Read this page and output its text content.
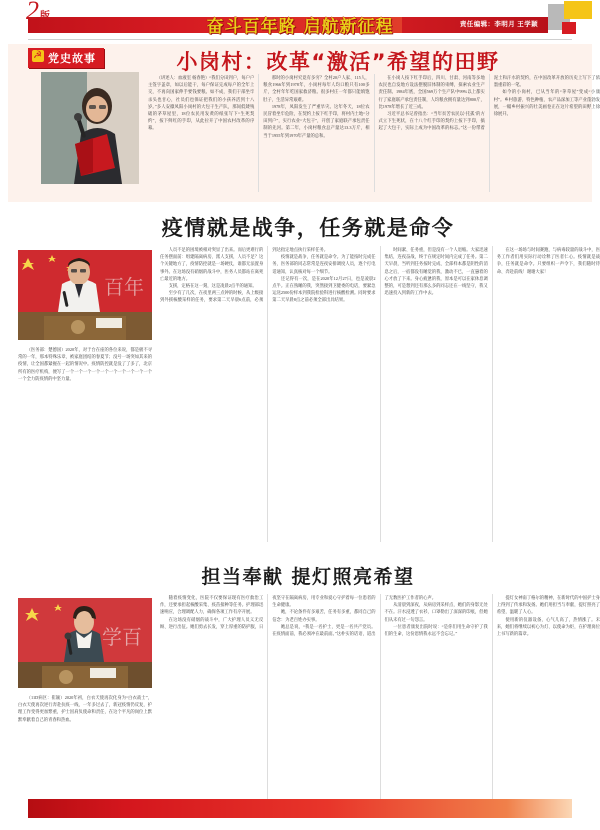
奋斗百年路 启航新征程	责任编辑：李明月 王学颖
☭ 党史故事	小岗村：改革“激活”希望的田野

（讲述人：血液室 杨春艳）“我们分田到户，每户户主签字盖章，如以后能干，每户保证完成每户的全年上交，不再向国家伸手要钱要粮。如不成，我们干部坐牢杀头也甘心，社员们也保证把我们的小孩养活到十八岁。”多人安徽凤阳小岗村的大包干生产队，那间低矮残破的茅草屋里，18位农民用发黄的纸张写下“生死契约”，按下鲜红的手印，从此拉开了中国农村改革的序幕。

那时的小岗村究竟有多穷？全村20户人家、115人，粮食1966年到1978年，小岗村每年人均口粮只有100多斤，全村年年吃国家救济粮。很多村庄一年都只能填饱肚子，生活异常艰难。

1978年，凤阳发生了严重旱灾。这年冬天，18位农民冒着坐牢危险，在契约上按下红手印，将村内土地“分田到户”，实行农业“大包干”，开创了家庭联产承包责任制的先河。第二年，小岗村粮食总产量达13.3万斤，相当于1955年到1970年产量的总和。

在小岗人按下红手印后，四川、甘肃、河南等多地农民也自发地方设法摆脱旧体制的束缚，探索农业生产责任制。1984年底，全国569万个生产队中99%以上都实行了家庭联产承包责任制，人均粮食拥有量达到800斤，比1978年增长了近三成。

习近平总书记曾指出：“当年贫苦农民以‘托孤’的方式立下生死状，在十八个红手印的契约上按下手印，搞起了大包干，实际上成为中国改革的标志。”这一份带着泥土和汗水的契约，在中国改革开放的历史上写下了浓墨重彩的一笔。

如今的小岗村，已从当年的“茅草屋”变成“小康村”。乡村旅游、特色种植、农产品深加工等产业蓬勃发展，一幅乡村振兴的壮美画卷正在这片希望的田野上徐徐展开。

疫情就是战争，任务就是命令
百年

（医务部：楚德国）2020年，对于台在座的各位来说，都是极不寻常的一年，那本特殊乐章，被家庭团结的春夏节；没号一场突如其来的疫情，让全国都紧握在一起的情况中。疫情防控就是没了了多了，北京所有的医疗机构，便写了一个一个一个一个一个一个一个一个一个一个一个全力防疫情的中坚力量。

人员不足的困境被相对突显了出来。而后更难行的任务摆面前：组建隔离病房、派人支援，人员不足？这个关键地方了，疫情防控就是一场硬仗，谁都无法置身事外。在这场没有硝烟的战斗中，医务人员都站在离死亡最近的地方。

支援，定格在这一刻，这是凌晨2点半的通知。

至少有了几次，在夜里两三点钟的时候，从上级接到外援核酸采样的任务，要求第二天早晨6点前，必须到达指定地点执行采样任务。

疫情就是战争，任务就是命令。为了能按时完成任务，医务部的同志常常是连夜安排调度人员，逐个打电话通知，认真核对每一个细节。

还记得有一次，是在2020年12月27日，也是凌晨2点半。正在熟睡的我，突然接到卫健委的电话，要紧急运送2500份样本到我院检验科进行核酸检测。同时要求第二天早晨8点之前必须全部出具结果。

时间紧、任务重，但是没有一个人退缩。大家迅速集结，连夜奋战，终于在规定时间内完成了任务。第二天早晨，当听到任务按时完成、全部样本都是阴性的消息之后，一宿都没有睡觉的我，激动不已，一直悬着的心才放了下来。身心疲惫的我，原本是可以在家休息调整的，可是想到还有那么多的同志还在一线坚守，我又迅速投入到新的工作中去。

在这一场场与时间赛跑、与病毒较量的战斗中，医务工作者们用实际行动诠释了医者仁心。疫情就是战争，任务就是命令。只要组织一声令下，我们随时待命、奔赴前线！谢谢大家！

担当奉献 提灯照亮希望
学百

（11D病区：崔颖）2020年初，白衣天使再次化身为“白衣战士”，白衣天使再次逆行奔赴抗疫一线，一年多过去了，新冠疫情仍反复，护理工作变得更加繁重，护士因肩负使命和责任，在这个平凡的岗位上默默奉献着自己的青春和热血。

随着疫情变化，医院不仅要保证现有医疗救治工作，还要承担起核酸采集、疫苗接种等任务。护理部迅速响应，合理调配人力，确保各项工作有序开展。

在这场没有硝烟的战斗中，广大护理人员义无反顾、逆行出征。她们剪去长发，穿上厚重的防护服，日夜坚守在隔离病房，用专业和爱心守护着每一位患者的生命健康。

她，不论条件有多艰苦，任务有多重，都同自己的信念：为老百姓办实事。

她总是说，“我是一名护士，更是一名共产党员。在疫情面前，我必须冲在最前面。”这朴实的话语，道出了无数医护工作者的心声。

从清晨到深夜，从病房到采样点，她们的身影无处不在。汗水浸透了衣衫，口罩勒出了深深的印痕，但她们从未有过一句怨言。

一位患者康复出院时说：“是你们用生命守护了我们的生命，这份恩情我永远不会忘记。”

提灯女神南丁格尔的精神，在新时代的中国护士身上得到了传承和发扬。她们用担当与奉献，提灯照亮了希望，温暖了人心。

使用新的仪器设备，心气儿高了，热情涨了。未来，她们将继续以初心为灯、以使命为炬，在护理岗位上书写新的篇章。

总编：张新庆 陈方	副总编：李贵华 王永光 夏文斌 宋岩
